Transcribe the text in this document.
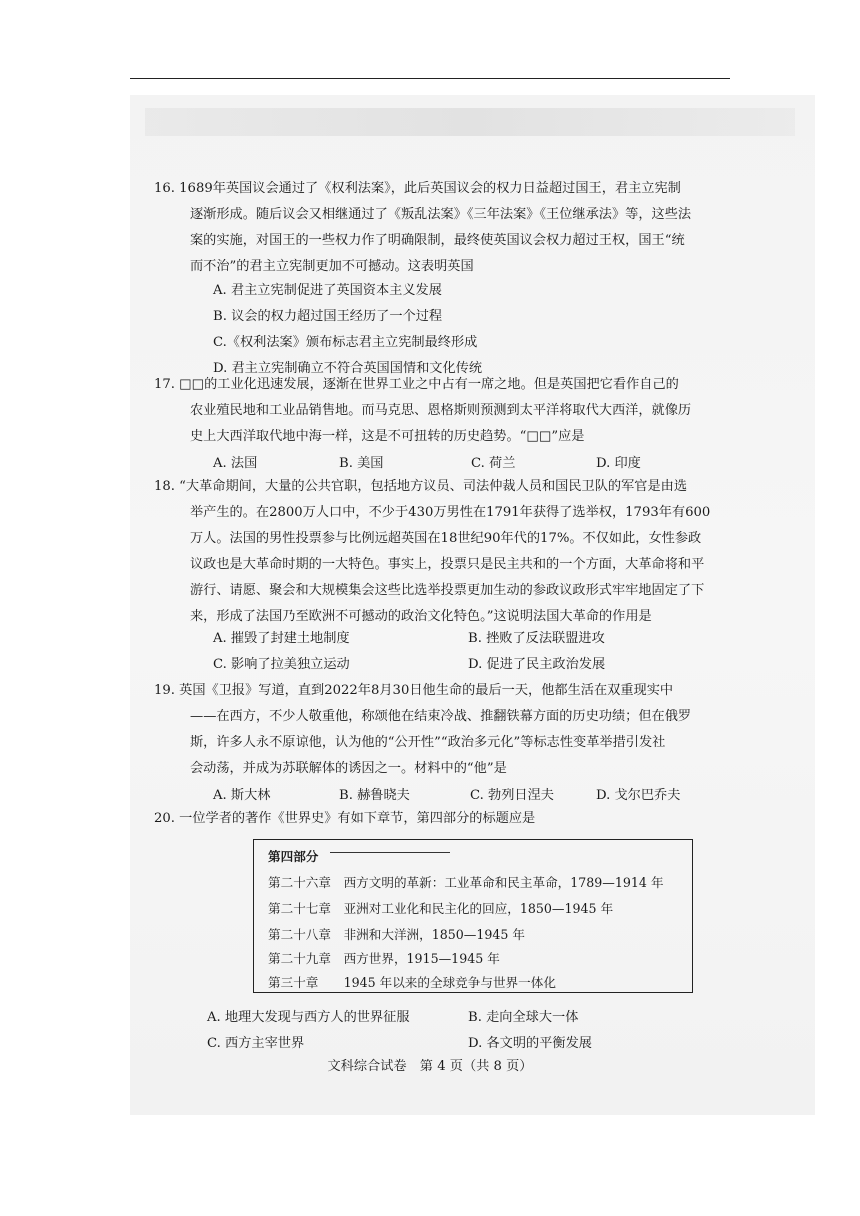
16. 1689年英国议会通过了《权利法案》，此后英国议会的权力日益超过国王，君主立宪制
逐渐形成。随后议会又相继通过了《叛乱法案》《三年法案》《王位继承法》等，这些法
案的实施，对国王的一些权力作了明确限制，最终使英国议会权力超过王权，国王“统
而不治”的君主立宪制更加不可撼动。这表明英国
A. 君主立宪制促进了英国资本主义发展
B. 议会的权力超过国王经历了一个过程
C.《权利法案》颁布标志君主立宪制最终形成
D. 君主立宪制确立不符合英国国情和文化传统
17. □□的工业化迅速发展，逐渐在世界工业之中占有一席之地。但是英国把它看作自己的
农业殖民地和工业品销售地。而马克思、恩格斯则预测到太平洋将取代大西洋，就像历
史上大西洋取代地中海一样，这是不可扭转的历史趋势。“□□”应是
A. 法国	B. 美国	C. 荷兰	D. 印度
18. “大革命期间，大量的公共官职，包括地方议员、司法仲裁人员和国民卫队的军官是由选
举产生的。在2800万人口中，不少于430万男性在1791年获得了选举权，1793年有600
万人。法国的男性投票参与比例远超英国在18世纪90年代的17%。不仅如此，女性参政
议政也是大革命时期的一大特色。事实上，投票只是民主共和的一个方面，大革命将和平
游行、请愿、聚会和大规模集会这些比选举投票更加生动的参政议政形式牢牢地固定了下
来，形成了法国乃至欧洲不可撼动的政治文化特色。”这说明法国大革命的作用是
A. 摧毁了封建土地制度	B. 挫败了反法联盟进攻
C. 影响了拉美独立运动	D. 促进了民主政治发展
19. 英国《卫报》写道，直到2022年8月30日他生命的最后一天，他都生活在双重现实中
——在西方，不少人敬重他，称颂他在结束冷战、推翻铁幕方面的历史功绩；但在俄罗
斯，许多人永不原谅他，认为他的“公开性”“政治多元化”等标志性变革举措引发社
会动荡，并成为苏联解体的诱因之一。材料中的“他”是
A. 斯大林	B. 赫鲁晓夫	C. 勃列日涅夫	D. 戈尔巴乔夫
20. 一位学者的著作《世界史》有如下章节，第四部分的标题应是
第四部分
第二十六章　西方文明的革新：工业革命和民主革命，1789—1914 年
第二十七章　亚洲对工业化和民主化的回应，1850—1945 年
第二十八章　非洲和大洋洲，1850—1945 年
第二十九章　西方世界，1915—1945 年
第三十章　　1945 年以来的全球竞争与世界一体化
A. 地理大发现与西方人的世界征服	B. 走向全球大一体
C. 西方主宰世界	D. 各文明的平衡发展
文科综合试卷　第 4 页（共 8 页）
